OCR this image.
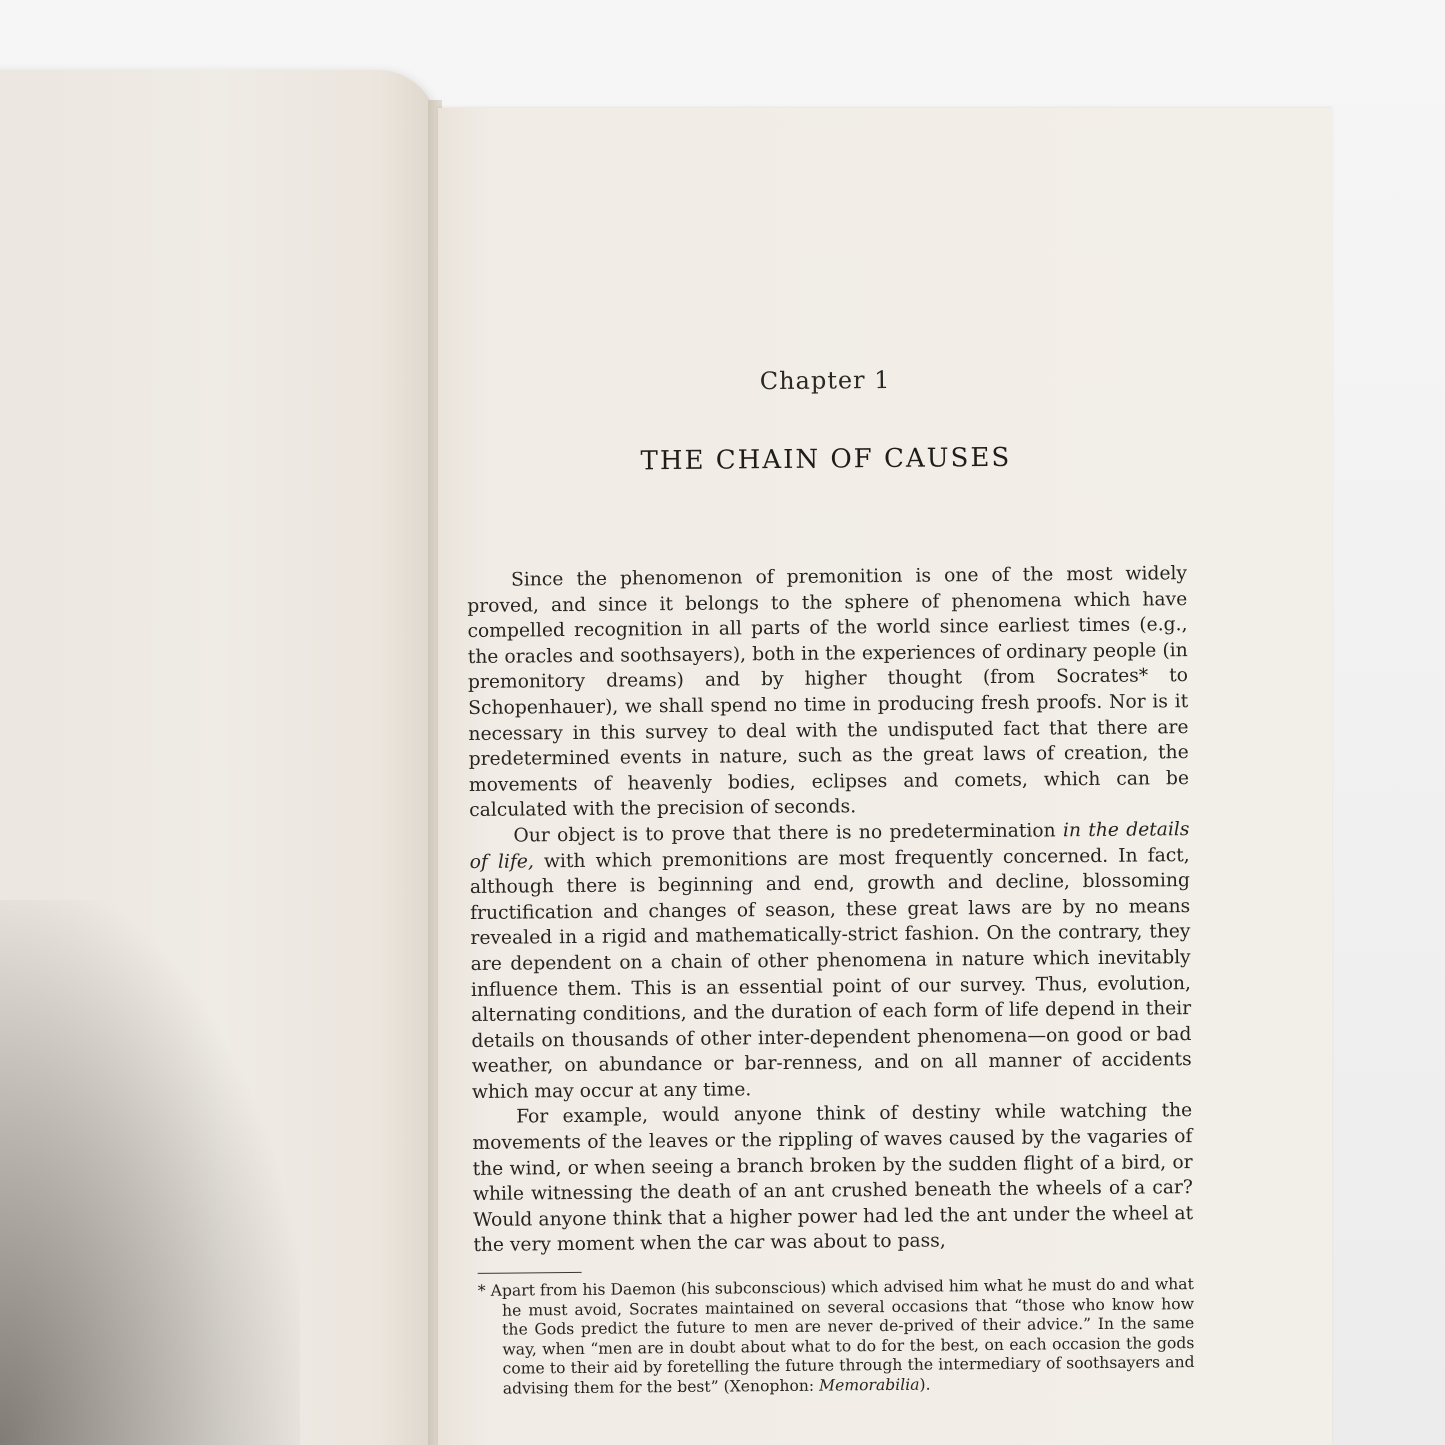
Chapter 1
THE CHAIN OF CAUSES

Since the phenomenon of premonition is one of the most widely proved, and since it belongs to the sphere of phenomena which have compelled recognition in all parts of the world since earliest times (e.g., the oracles and soothsayers), both in the experiences of ordinary people (in premonitory dreams) and by higher thought (from Socrates* to Schopenhauer), we shall spend no time in producing fresh proofs. Nor is it necessary in this survey to deal with the undisputed fact that there are predetermined events in nature, such as the great laws of creation, the movements of heavenly bodies, eclipses and comets, which can be calculated with the precision of seconds.

Our object is to prove that there is no predetermination in the details of life, with which premonitions are most frequently concerned. In fact, although there is beginning and end, growth and decline, blossoming fructification and changes of season, these great laws are by no means revealed in a rigid and mathematically-strict fashion. On the contrary, they are dependent on a chain of other phenomena in nature which inevitably influence them. This is an essential point of our survey. Thus, evolution, alternating conditions, and the duration of each form of life depend in their details on thousands of other inter-dependent phenomena—on good or bad weather, on abundance or bar-renness, and on all manner of accidents which may occur at any time.

For example, would anyone think of destiny while watching the movements of the leaves or the rippling of waves caused by the vagaries of the wind, or when seeing a branch broken by the sudden flight of a bird, or while witnessing the death of an ant crushed beneath the wheels of a car? Would anyone think that a higher power had led the ant under the wheel at the very moment when the car was about to pass,

* Apart from his Daemon (his subconscious) which advised him what he must do and what he must avoid, Socrates maintained on several occasions that “those who know how the Gods predict the future to men are never de-prived of their advice.” In the same way, when “men are in doubt about what to do for the best, on each occasion the gods come to their aid by foretelling the future through the intermediary of soothsayers and advising them for the best” (Xenophon: Memorabilia).
